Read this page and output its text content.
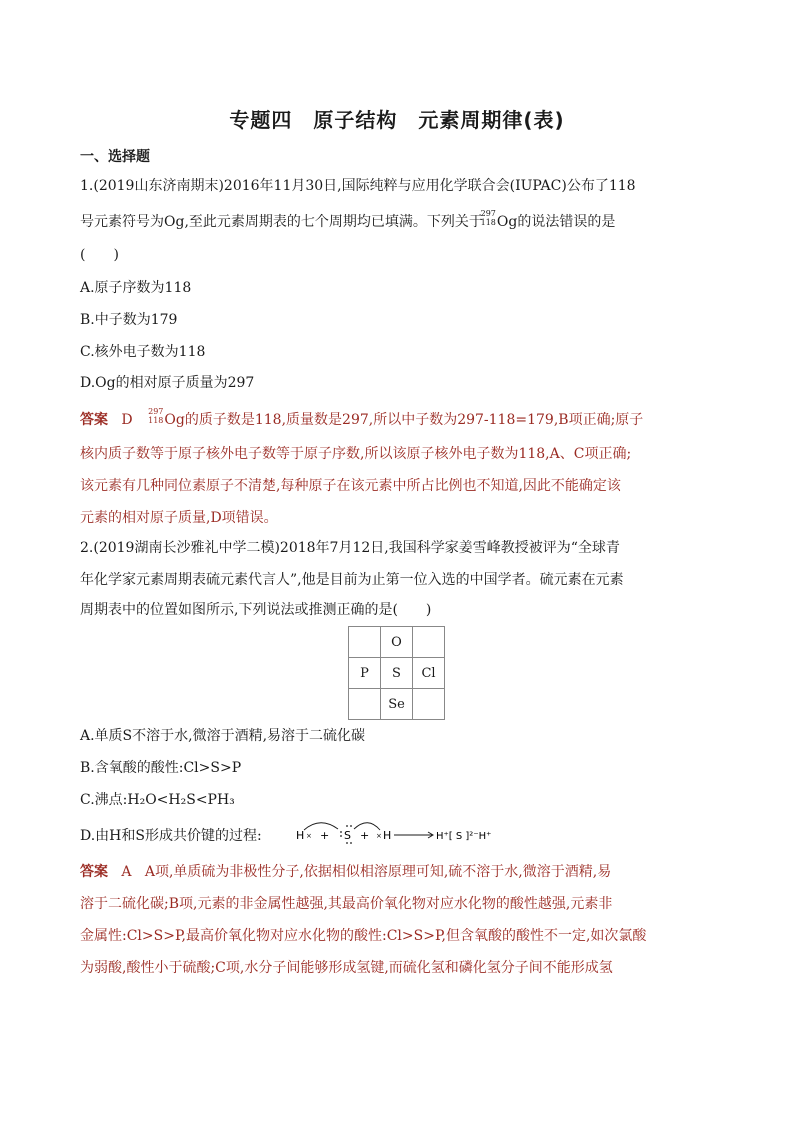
专题四　原子结构　元素周期律(表)
一、选择题
1.(2019山东济南期末)2016年11月30日,国际纯粹与应用化学联合会(IUPAC)公布了118
号元素符号为Og,至此元素周期表的七个周期均已填满。下列关于
297
118 Og的说法错误的是
(　　)
A.原子序数为118
B.中子数为179
C.核外电子数为118
D.Og的相对原子质量为297
答案 D
297
118 Og的质子数是118,质量数是297,所以中子数为297-118=179,B项正确;原子
核内质子数等于原子核外电子数等于原子序数,所以该原子核外电子数为118,A、C项正确;
该元素有几种同位素原子不清楚,每种原子在该元素中所占比例也不知道,因此不能确定该
元素的相对原子质量,D项错误。
2.(2019湖南长沙雅礼中学二模)2018年7月12日,我国科学家姜雪峰教授被评为“全球青
年化学家元素周期表硫元素代言人”,他是目前为止第一位入选的中国学者。硫元素在元素
周期表中的位置如图所示,下列说法或推测正确的是(　　)
	O	
P	S	Cl
	Se	
A.单质S不溶于水,微溶于酒精,易溶于二硫化碳
B.含氧酸的酸性:Cl>S>P
C.沸点:H₂O<H₂S<PH₃
D.由H和S形成共价键的过程:	H × + S + × H	H⁺[ S ]²⁻H⁺
答案 A A项,单质硫为非极性分子,依据相似相溶原理可知,硫不溶于水,微溶于酒精,易
溶于二硫化碳;B项,元素的非金属性越强,其最高价氧化物对应水化物的酸性越强,元素非
金属性:Cl>S>P,最高价氧化物对应水化物的酸性:Cl>S>P,但含氧酸的酸性不一定,如次氯酸
为弱酸,酸性小于硫酸;C项,水分子间能够形成氢键,而硫化氢和磷化氢分子间不能形成氢
